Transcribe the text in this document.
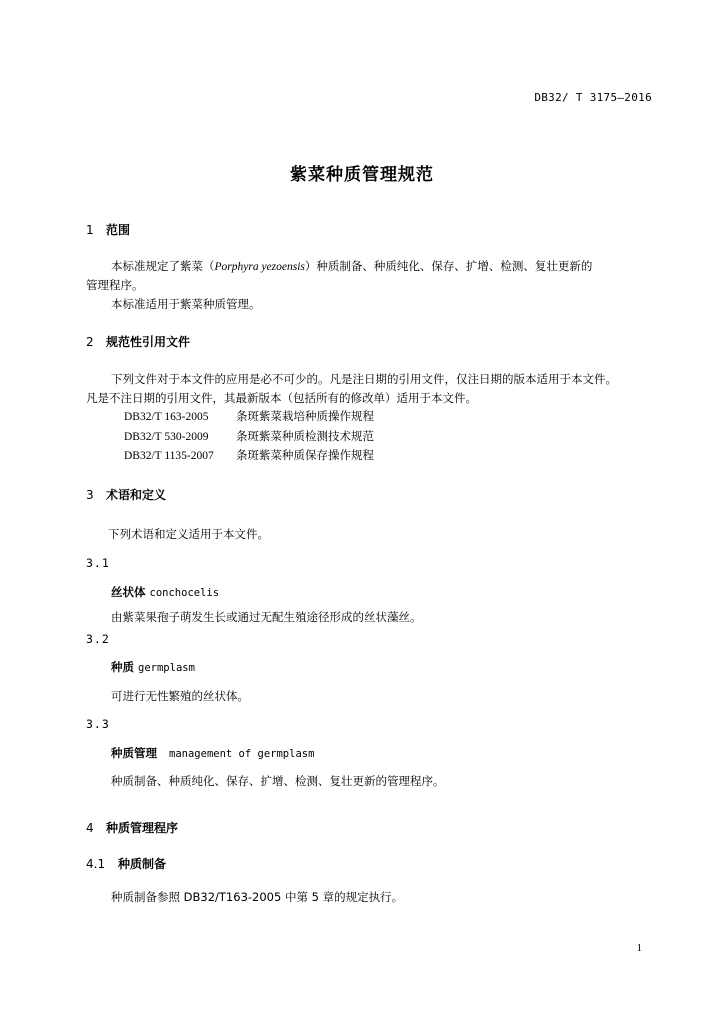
DB32/ T 3175—2016
紫菜种质管理规范
1 范围
本标准规定了紫菜（Porphyra yezoensis）种质制备、种质纯化、保存、扩增、检测、复壮更新的
管理程序。
本标准适用于紫菜种质管理。
2 规范性引用文件
下列文件对于本文件的应用是必不可少的。凡是注日期的引用文件，仅注日期的版本适用于本文件。
凡是不注日期的引用文件，其最新版本（包括所有的修改单）适用于本文件。
DB32/T 163-2005 条斑紫菜栽培种质操作规程
DB32/T 530-2009 条斑紫菜种质检测技术规范
DB32/T 1135-2007 条斑紫菜种质保存操作规程
3 术语和定义
下列术语和定义适用于本文件。
3.1
丝状体 conchocelis
由紫菜果孢子萌发生长或通过无配生殖途径形成的丝状藻丝。
3.2
种质 germplasm
可进行无性繁殖的丝状体。
3.3
种质管理 management of germplasm
种质制备、种质纯化、保存、扩增、检测、复壮更新的管理程序。
4 种质管理程序
4.1 种质制备
种质制备参照 DB32/T163-2005 中第 5 章的规定执行。
1
